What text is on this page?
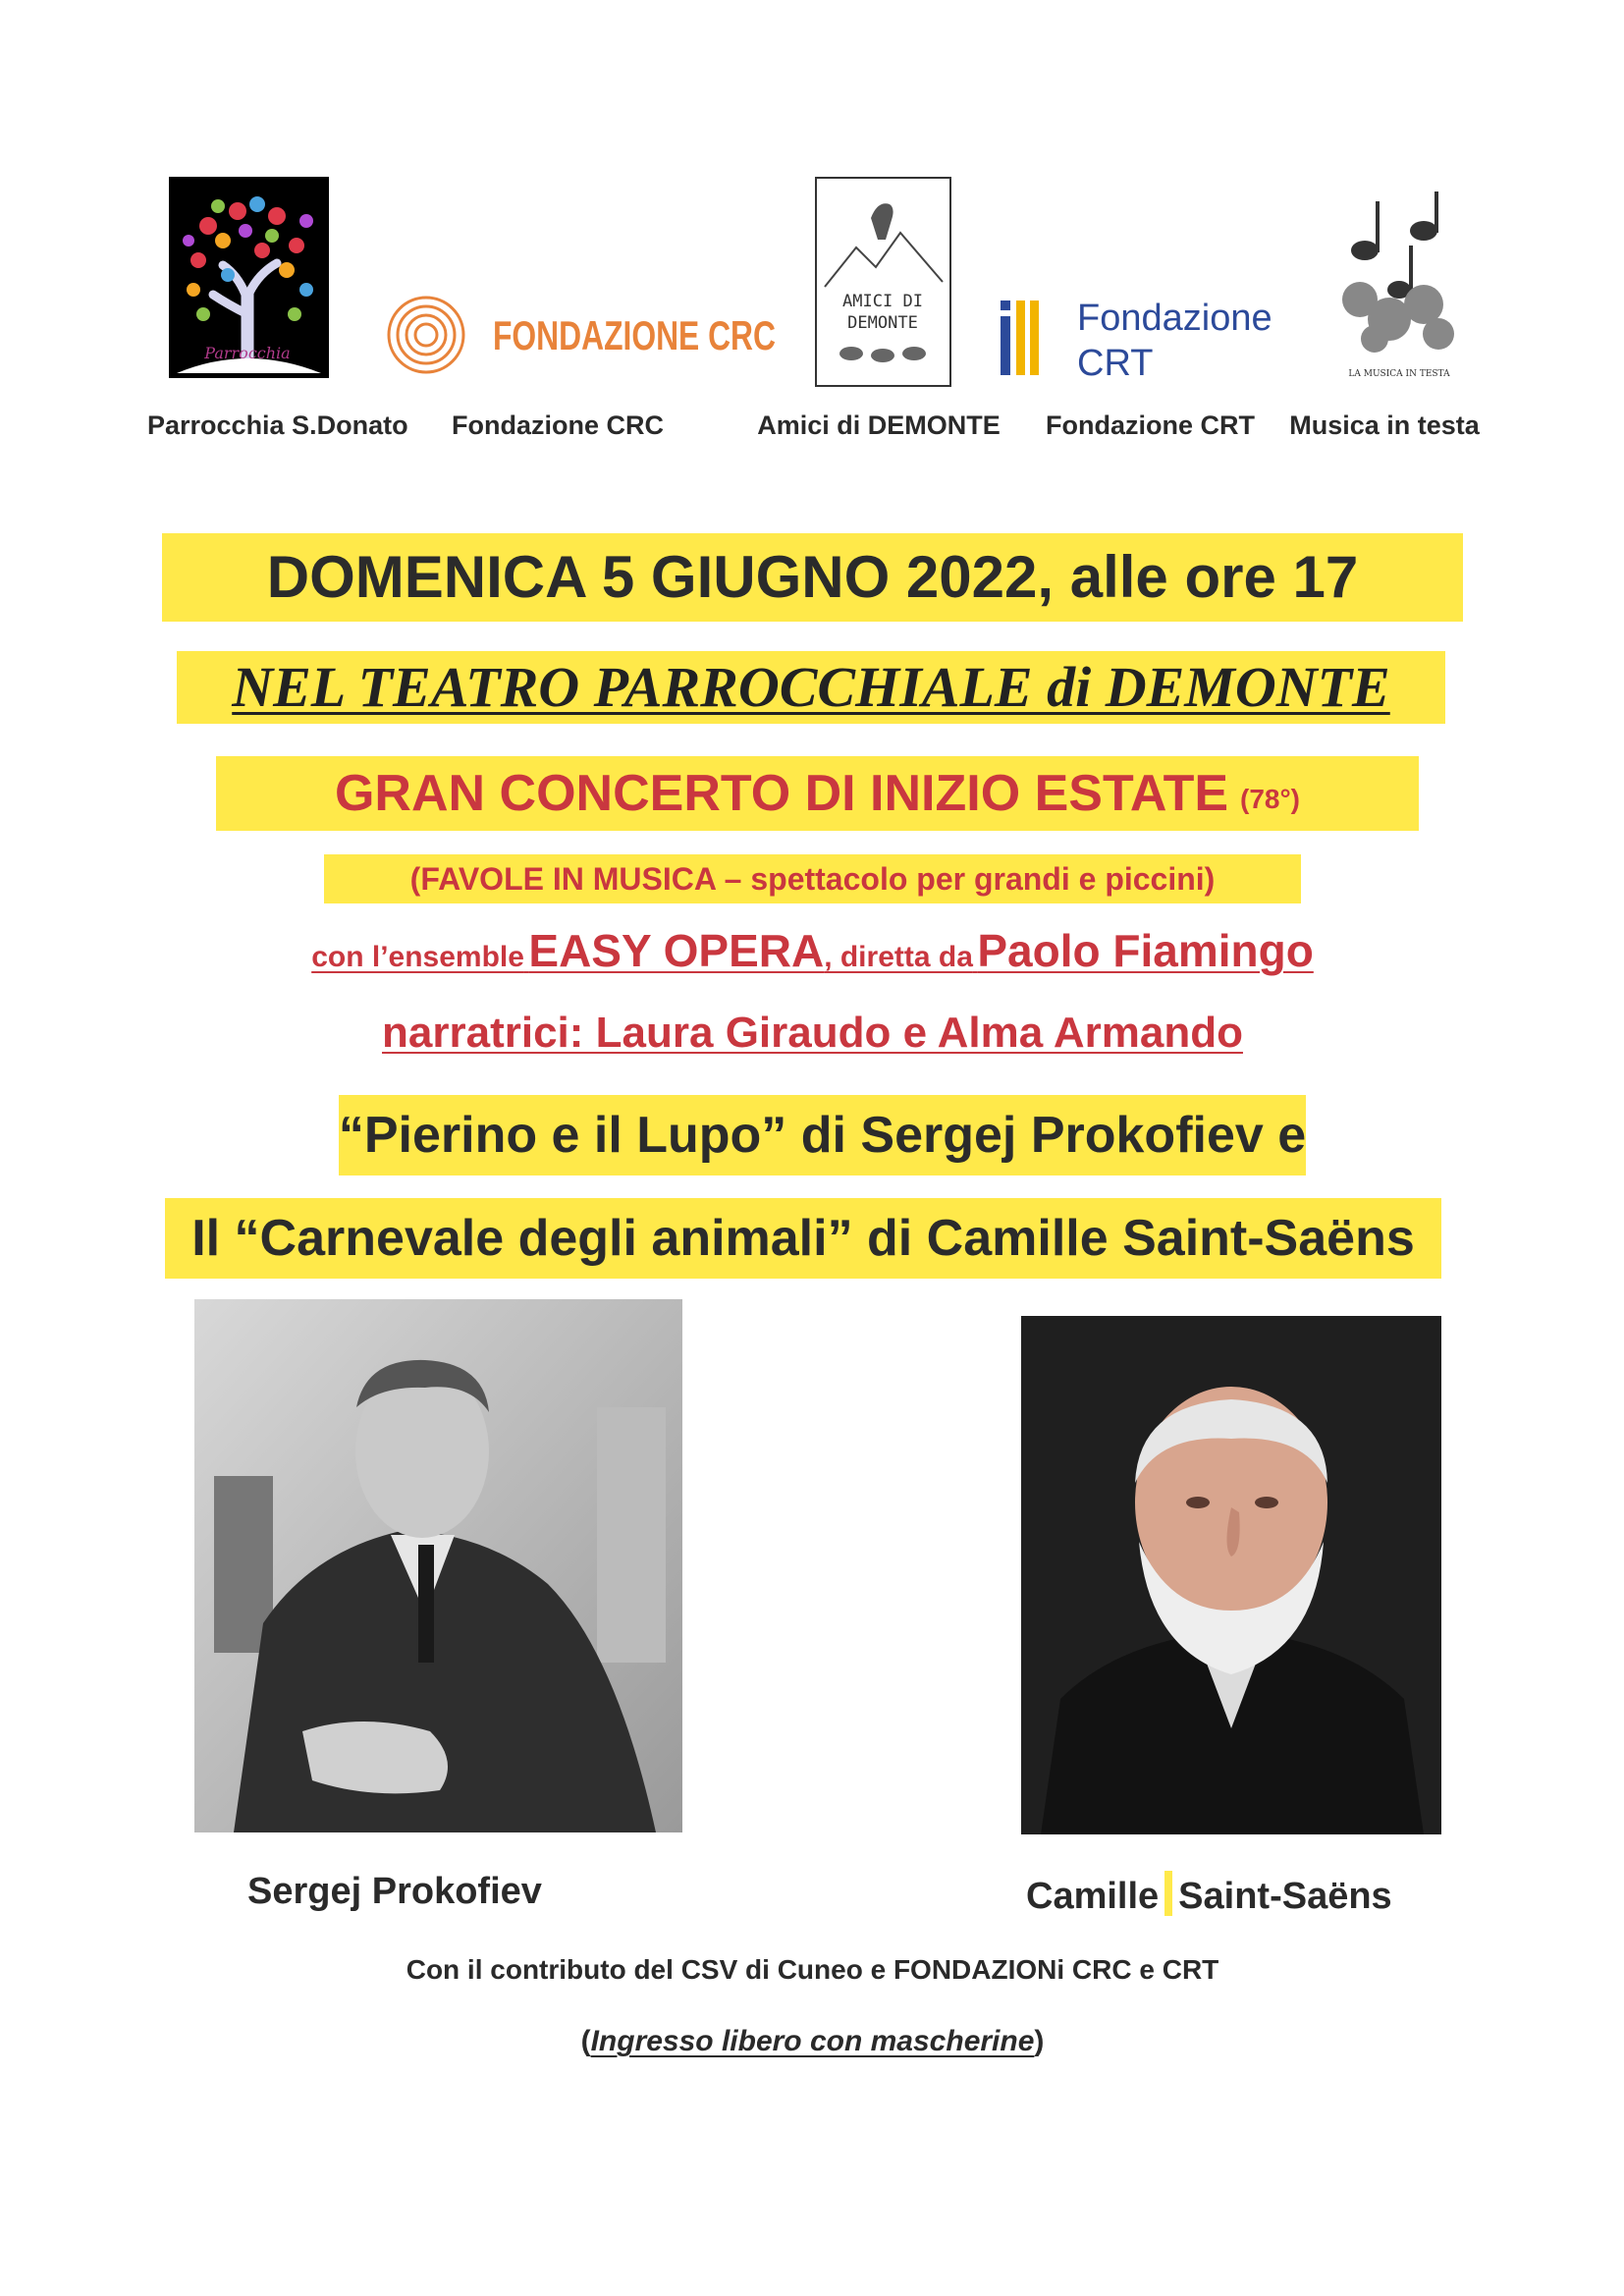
Parrocchia	FONDAZIONE CRC
AMICI DI
DEMONTE	Fondazione
CRT	LA MUSICA IN TESTA
Parrocchia S.Donato Fondazione CRC	Amici di DEMONTE Fondazione CRT Musica in testa
DOMENICA 5 GIUGNO 2022, alle ore 17
NEL TEATRO PARROCCHIALE di DEMONTE
GRAN CONCERTO DI INIZIO ESTATE (78°)
(FAVOLE IN MUSICA – spettacolo per grandi e piccini)
con l’ensemble EASY OPERA, diretta da Paolo Fiamingo
narratrici: Laura Giraudo e Alma Armando
“Pierino e il Lupo” di Sergej Prokofiev e
Il “Carnevale degli animali” di Camille Saint-Saëns
Sergej Prokofiev	Camille Saint-Saëns
Con il contributo del CSV di Cuneo e FONDAZIONi CRC e CRT
(Ingresso libero con mascherine)
